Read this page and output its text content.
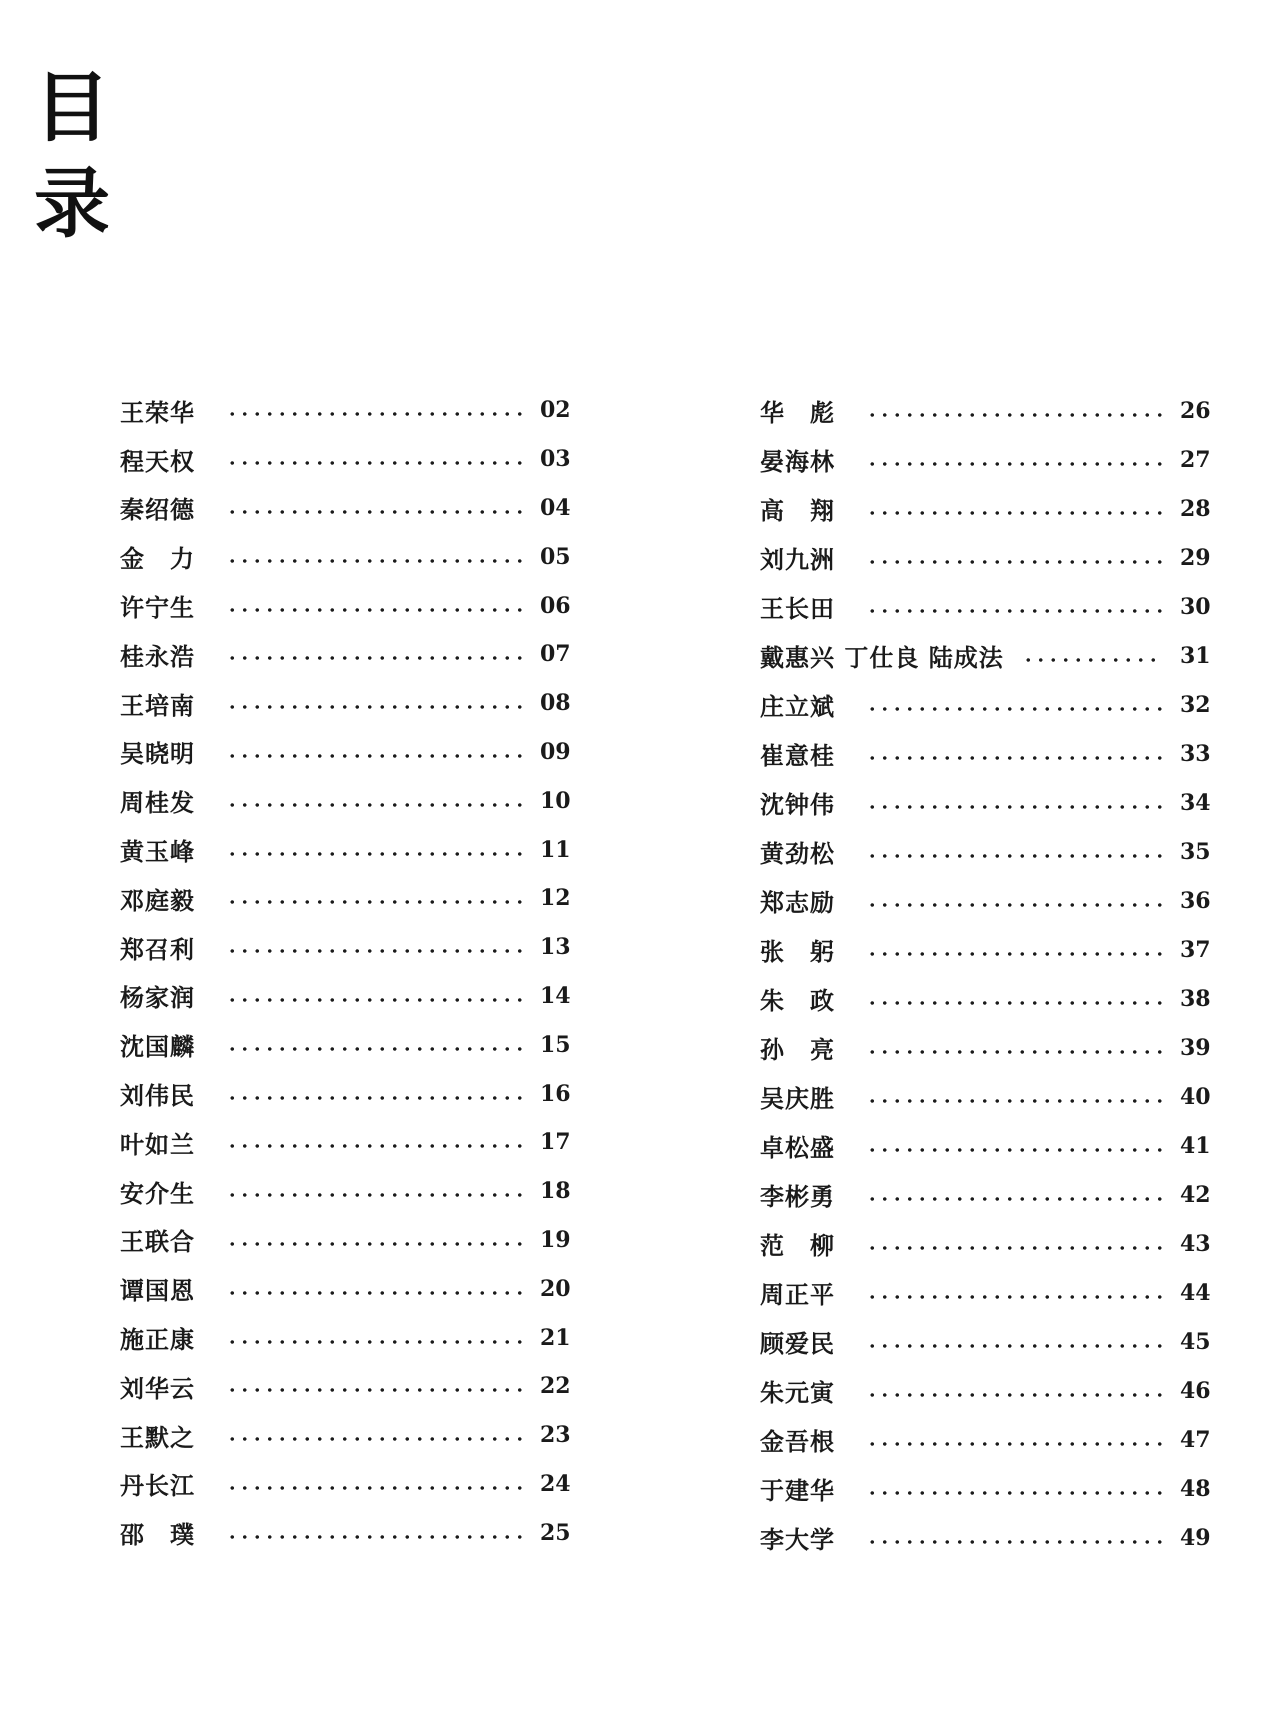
目
录
王荣华	02
程天权	03
秦绍德	04
金　力	05
许宁生	06
桂永浩	07
王培南	08
吴晓明	09
周桂发	10
黄玉峰	11
邓庭毅	12
郑召利	13
杨家润	14
沈国麟	15
刘伟民	16
叶如兰	17
安介生	18
王联合	19
谭国恩	20
施正康	21
刘华云	22
王默之	23
丹长江	24
邵　璞	25
华　彪	26
晏海林	27
高　翔	28
刘九洲	29
王长田	30
戴惠兴 丁仕良 陆成法	31
庄立斌	32
崔意桂	33
沈钟伟	34
黄劲松	35
郑志励	36
张　躬	37
朱　政	38
孙　亮	39
吴庆胜	40
卓松盛	41
李彬勇	42
范　柳	43
周正平	44
顾爱民	45
朱元寅	46
金吾根	47
于建华	48
李大学	49
